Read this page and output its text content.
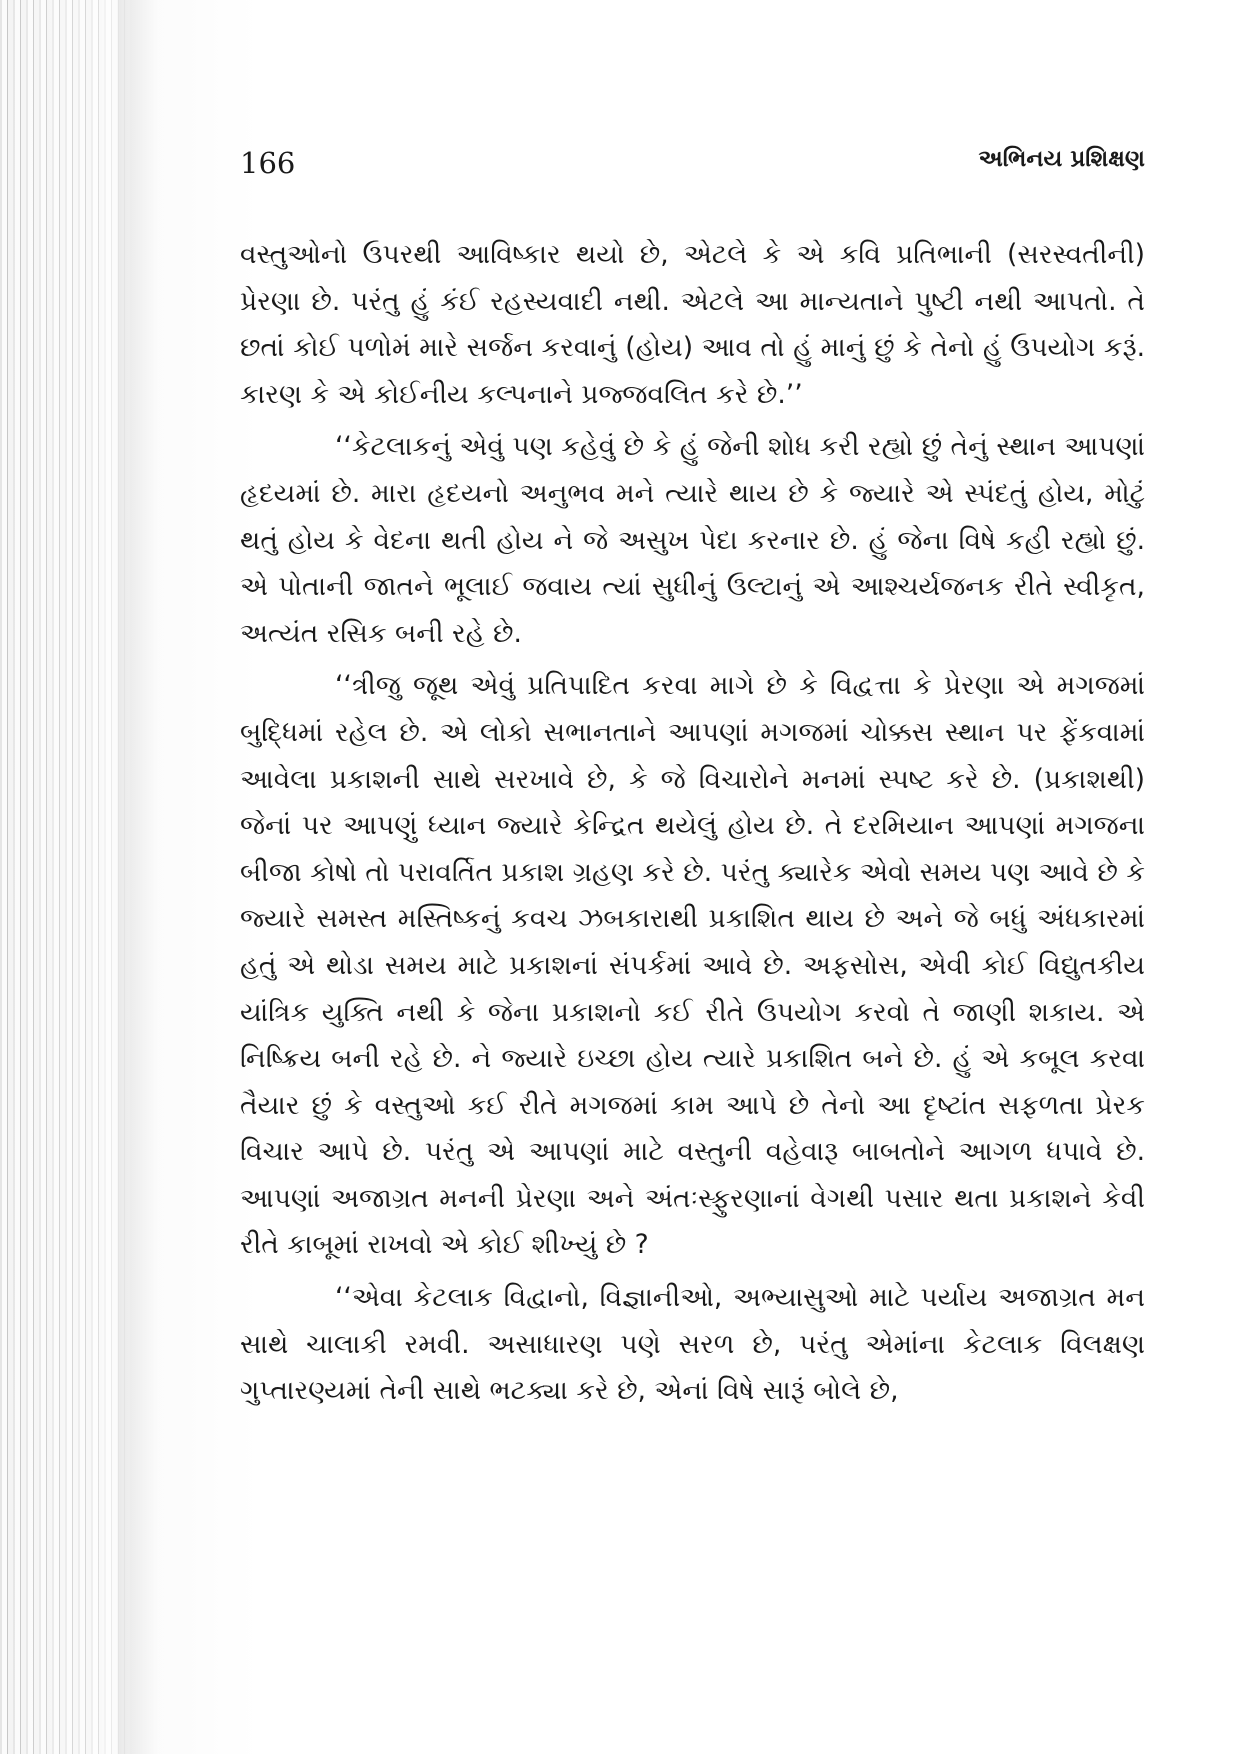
166	અભિનય પ્રશિક્ષણ

વસ્તુઓનો ઉપરથી આવિષ્કાર થયો છે, એટલે કે એ કવિ પ્રતિભાની (સરસ્વતીની) પ્રેરણા છે. પરંતુ હું કંઈ રહસ્યવાદી નથી. એટલે આ માન્યતાને પુષ્ટી નથી આપતો. તે છતાં કોઈ પળોમં મારે સર્જન કરવાનું (હોય) આવ તો હું માનું છું કે તેનો હું ઉપયોગ કરૂં. કારણ કે એ કોઈનીય કલ્પનાને પ્રજ્જવલિત કરે છે.’’

‘‘કેટલાકનું એવું પણ કહેવું છે કે હું જેની શોધ કરી રહ્યો છું તેનું સ્થાન આપણાં હૃદયમાં છે. મારા હૃદયનો અનુભવ મને ત્યારે થાય છે કે જ્યારે એ સ્પંદતું હોય, મોટું થતું હોય કે વેદના થતી હોય ને જે અસુખ પેદા કરનાર છે. હું જેના વિષે કહી રહ્યો છું. એ પોતાની જાતને ભૂલાઈ જવાય ત્યાં સુધીનું ઉલ્ટાનું એ આશ્ચર્યજનક રીતે સ્વીકૃત, અત્યંત રસિક બની રહે છે.

‘‘ત્રીજુ જૂથ એવું પ્રતિપાદિત કરવા માગે છે કે વિદ્વત્તા કે પ્રેરણા એ મગજમાં બુદ્ધિમાં રહેલ છે. એ લોકો સભાનતાને આપણાં મગજમાં ચોક્કસ સ્થાન પર ફેંકવામાં આવેલા પ્રકાશની સાથે સરખાવે છે, કે જે વિચારોને મનમાં સ્પષ્ટ કરે છે. (પ્રકાશથી) જેનાં પર આપણું ધ્યાન જ્યારે કેન્દ્રિત થયેલું હોય છે. તે દરમિયાન આપણાં મગજના બીજા કોષો તો પરાવર્તિત પ્રકાશ ગ્રહણ કરે છે. પરંતુ ક્યારેક એવો સમય પણ આવે છે કે જ્યારે સમસ્ત મસ્તિષ્કનું કવચ ઝબકારાથી પ્રકાશિત થાય છે અને જે બધું અંધકારમાં હતું એ થોડા સમય માટે પ્રકાશનાં સંપર્કમાં આવે છે. અફસોસ, એવી કોઈ વિદ્યુતકીય યાંત્રિક યુક્તિ નથી કે જેના પ્રકાશનો કઈ રીતે ઉપયોગ કરવો તે જાણી શકાય. એ નિષ્ક્રિય બની રહે છે. ને જ્યારે ઇચ્છા હોય ત્યારે પ્રકાશિત બને છે. હું એ કબૂલ કરવા તૈયાર છું કે વસ્તુઓ કઈ રીતે મગજમાં કામ આપે છે તેનો આ દૃષ્ટાંત સફળતા પ્રેરક વિચાર આપે છે. પરંતુ એ આપણાં માટે વસ્તુની વહેવારૂ બાબતોને આગળ ધપાવે છે. આપણાં અજાગ્રત મનની પ્રેરણા અને અંતઃસ્ફુરણાનાં વેગથી પસાર થતા પ્રકાશને કેવી રીતે કાબૂમાં રાખવો એ કોઈ શીખ્યું છે ?

‘‘એવા કેટલાક વિદ્વાનો, વિજ્ઞાનીઓ, અભ્યાસુઓ માટે પર્યાય અજાગ્રત મન સાથે ચાલાકી રમવી. અસાધારણ પણે સરળ છે, પરંતુ એમાંના કેટલાક વિલક્ષણ ગુપ્તારણ્યમાં તેની સાથે ભટક્યા કરે છે, એનાં વિષે સારૂં બોલે છે,
